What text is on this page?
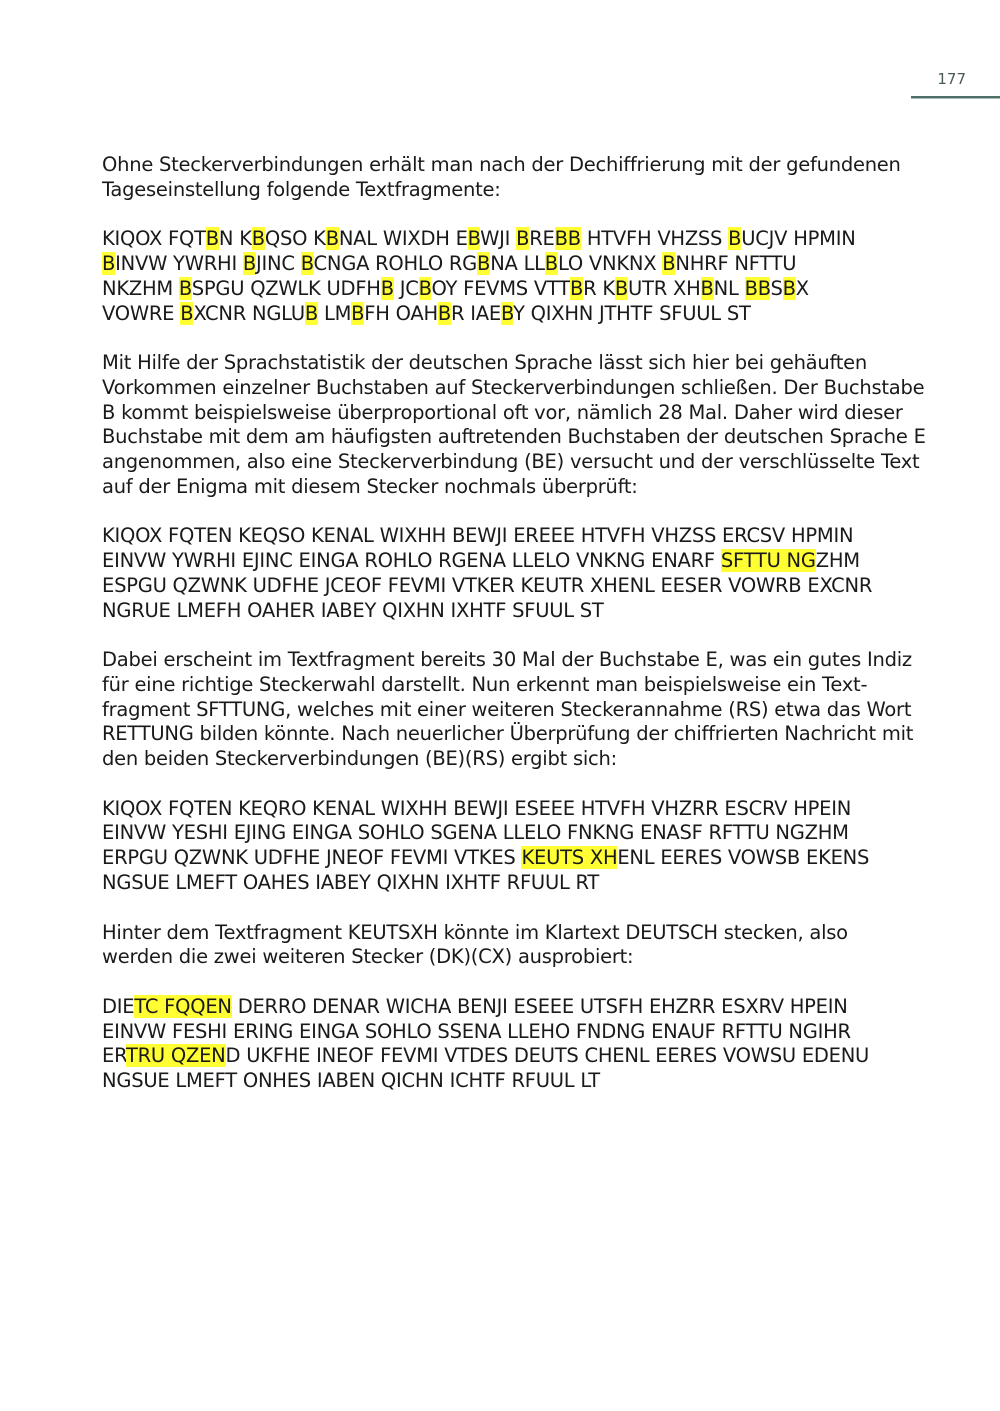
177

Ohne Steckerverbindungen erhält man nach der Dechiffrierung mit der gefundenen
Tageseinstellung folgende Textfragmente:

KIQOX FQTBN KBQSO KBNAL WIXDH EBWJI BREBB HTVFH VHZSS BUCJV HPMIN
BINVW YWRHI BJINC BCNGA ROHLO RGBNA LLBLO VNKNX BNHRF NFTTU
NKZHM BSPGU QZWLK UDFHB JCBOY FEVMS VTTBR KBUTR XHBNL BBSBX
VOWRE BXCNR NGLUB LMBFH OAHBR IAEBY QIXHN JTHTF SFUUL ST

Mit Hilfe der Sprachstatistik der deutschen Sprache lässt sich hier bei gehäuften
Vorkommen einzelner Buchstaben auf Steckerverbindungen schließen. Der Buchstabe
B kommt beispielsweise überproportional oft vor, nämlich 28 Mal. Daher wird dieser
Buchstabe mit dem am häufigsten auftretenden Buchstaben der deutschen Sprache E
angenommen, also eine Steckerverbindung (BE) versucht und der verschlüsselte Text
auf der Enigma mit diesem Stecker nochmals überprüft:

KIQOX FQTEN KEQSO KENAL WIXHH BEWJI EREEE HTVFH VHZSS ERCSV HPMIN
EINVW YWRHI EJINC EINGA ROHLO RGENA LLELO VNKNG ENARF SFTTU NGZHM
ESPGU QZWNK UDFHE JCEOF FEVMI VTKER KEUTR XHENL EESER VOWRB EXCNR
NGRUE LMEFH OAHER IABEY QIXHN IXHTF SFUUL ST

Dabei erscheint im Textfragment bereits 30 Mal der Buchstabe E, was ein gutes Indiz
für eine richtige Steckerwahl darstellt. Nun erkennt man beispielsweise ein Text-
fragment SFTTUNG, welches mit einer weiteren Steckerannahme (RS) etwa das Wort
RETTUNG bilden könnte. Nach neuerlicher Überprüfung der chiffrierten Nachricht mit
den beiden Steckerverbindungen (BE)(RS) ergibt sich:

KIQOX FQTEN KEQRO KENAL WIXHH BEWJI ESEEE HTVFH VHZRR ESCRV HPEIN
EINVW YESHI EJING EINGA SOHLO SGENA LLELO FNKNG ENASF RFTTU NGZHM
ERPGU QZWNK UDFHE JNEOF FEVMI VTKES KEUTS XHENL EERES VOWSB EKENS
NGSUE LMEFT OAHES IABEY QIXHN IXHTF RFUUL RT

Hinter dem Textfragment KEUTSXH könnte im Klartext DEUTSCH stecken, also
werden die zwei weiteren Stecker (DK)(CX) ausprobiert:

DIETC FQQEN DERRO DENAR WICHA BENJI ESEEE UTSFH EHZRR ESXRV HPEIN
EINVW FESHI ERING EINGA SOHLO SSENA LLEHO FNDNG ENAUF RFTTU NGIHR
ERTRU QZEND UKFHE INEOF FEVMI VTDES DEUTS CHENL EERES VOWSU EDENU
NGSUE LMEFT ONHES IABEN QICHN ICHTF RFUUL LT
